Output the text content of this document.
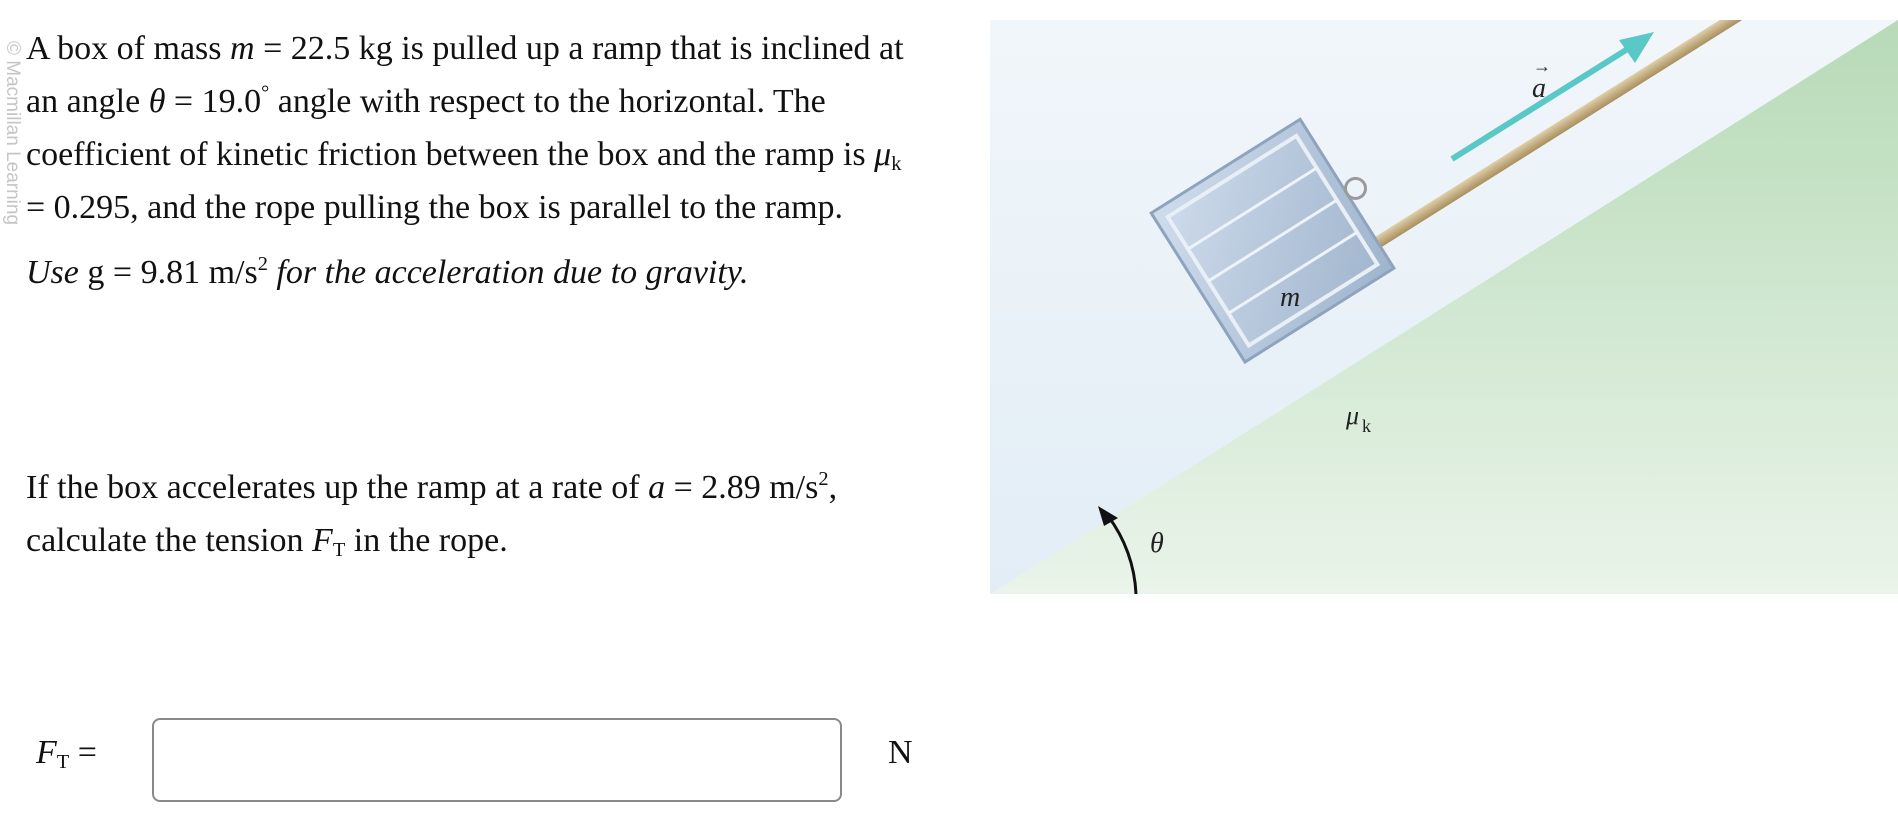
© Macmillan Learning A box of mass m = 22.5 kg is pulled up a ramp that is inclined at an angle θ = 19.0° angle with respect to the horizontal. The coefficient of kinetic friction between the box and the ramp is $\mu_k = 0.295$, and the rope pulling the box is parallel to the ramp.

Use g = 9.81 $m/s^2$ for the acceleration due to gravity.

If the box accelerates up the ramp at a rate of a = 2.89 $m/s^2$, calculate the tension $F_T$ in the rope.

$F_T$ =	N
m
a
→
μ k
θ
